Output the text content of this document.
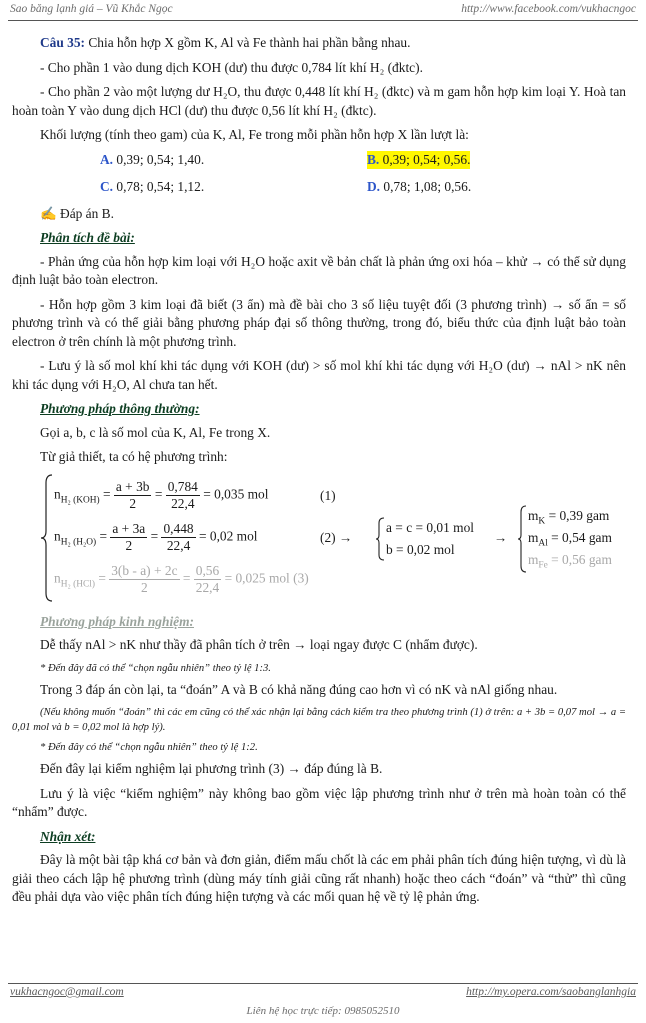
Sao băng lạnh giá – Vũ Khắc Ngọc	http://www.facebook.com/vukhacngoc

Câu 35: Chia hỗn hợp X gồm K, Al và Fe thành hai phần bằng nhau.

- Cho phần 1 vào dung dịch KOH (dư) thu được 0,784 lít khí H₂ (đktc).

- Cho phần 2 vào một lượng dư H₂O, thu được 0,448 lít khí H₂ (đktc) và m gam hỗn hợp kim loại Y. Hoà tan hoàn toàn Y vào dung dịch HCl (dư) thu được 0,56 lít khí H₂ (đktc).

Khối lượng (tính theo gam) của K, Al, Fe trong mỗi phần hỗn hợp X lần lượt là:

A. 0,39; 0,54; 1,40.	B. 0,39; 0,54; 0,56.
C. 0,78; 0,54; 1,12.	D. 0,78; 1,08; 0,56.

✍ Đáp án B.

Phân tích đề bài:

- Phản ứng của hỗn hợp kim loại với H₂O hoặc axit về bản chất là phản ứng oxi hóa – khử → có thể sử dụng định luật bảo toàn electron.

- Hỗn hợp gồm 3 kim loại đã biết (3 ẩn) mà đề bài cho 3 số liệu tuyệt đối (3 phương trình) → số ẩn = số phương trình và có thể giải bằng phương pháp đại số thông thường, trong đó, biểu thức của định luật bảo toàn electron ở trên chính là một phương trình.

- Lưu ý là số mol khí khi tác dụng với KOH (dư) > số mol khí khi tác dụng với H₂O (dư) → nAl > nK nên khi tác dụng với H₂O, Al chưa tan hết.

Phương pháp thông thường:

Gọi a, b, c là số mol của K, Al, Fe trong X.

Từ giả thiết, ta có hệ phương trình:

$n_{H_2 (KOH)} = \frac{a + 3b}{2} = \frac{0,784}{22,4} = 0,035$ mol	(1)
$n_{H_2 (H_2O)} = \frac{a + 3a}{2} = \frac{0,448}{22,4} = 0,02$ mol	(2) →
$n_{H_2 (HCl)} = \frac{3(b - a) + 2c}{2} = \frac{0,56}{22,4} = 0,025$ mol (3)
a = c = 0,01 mol
b = 0,02 mol
→
$m_K = 0,39$ gam
$m_{Al} = 0,54$ gam
$m_{Fe} = 0,56$ gam
Phương pháp kinh nghiệm:

Dễ thấy nAl > nK như thầy đã phân tích ở trên → loại ngay được C (nhẩm được).

* Đến đây đã có thể “chọn ngẫu nhiên” theo tỷ lệ 1:3.

Trong 3 đáp án còn lại, ta “đoán” A và B có khả năng đúng cao hơn vì có nK và nAl giống nhau.

(Nếu không muốn “đoán” thì các em cũng có thể xác nhận lại bằng cách kiểm tra theo phương trình (1) ở trên: a + 3b = 0,07 mol → a = 0,01 mol và b = 0,02 mol là hợp lý).

* Đến đây có thể “chọn ngẫu nhiên” theo tỷ lệ 1:2.

Đến đây lại kiểm nghiệm lại phương trình (3) → đáp đúng là B.

Lưu ý là việc “kiểm nghiệm” này không bao gồm việc lập phương trình như ở trên mà hoàn toàn có thể “nhẩm” được.

Nhận xét:

Đây là một bài tập khá cơ bản và đơn giản, điểm mấu chốt là các em phải phân tích đúng hiện tượng, vì dù là giải theo cách lập hệ phương trình (dùng máy tính giải cũng rất nhanh) hoặc theo cách “đoán” và “thử” thì cũng đều phải dựa vào việc phân tích đúng hiện tượng và các mối quan hệ về tỷ lệ phản ứng.

vukhacngoc@gmail.com	http://my.opera.com/saobanglanhgia
Liên hệ học trực tiếp: 0985052510
